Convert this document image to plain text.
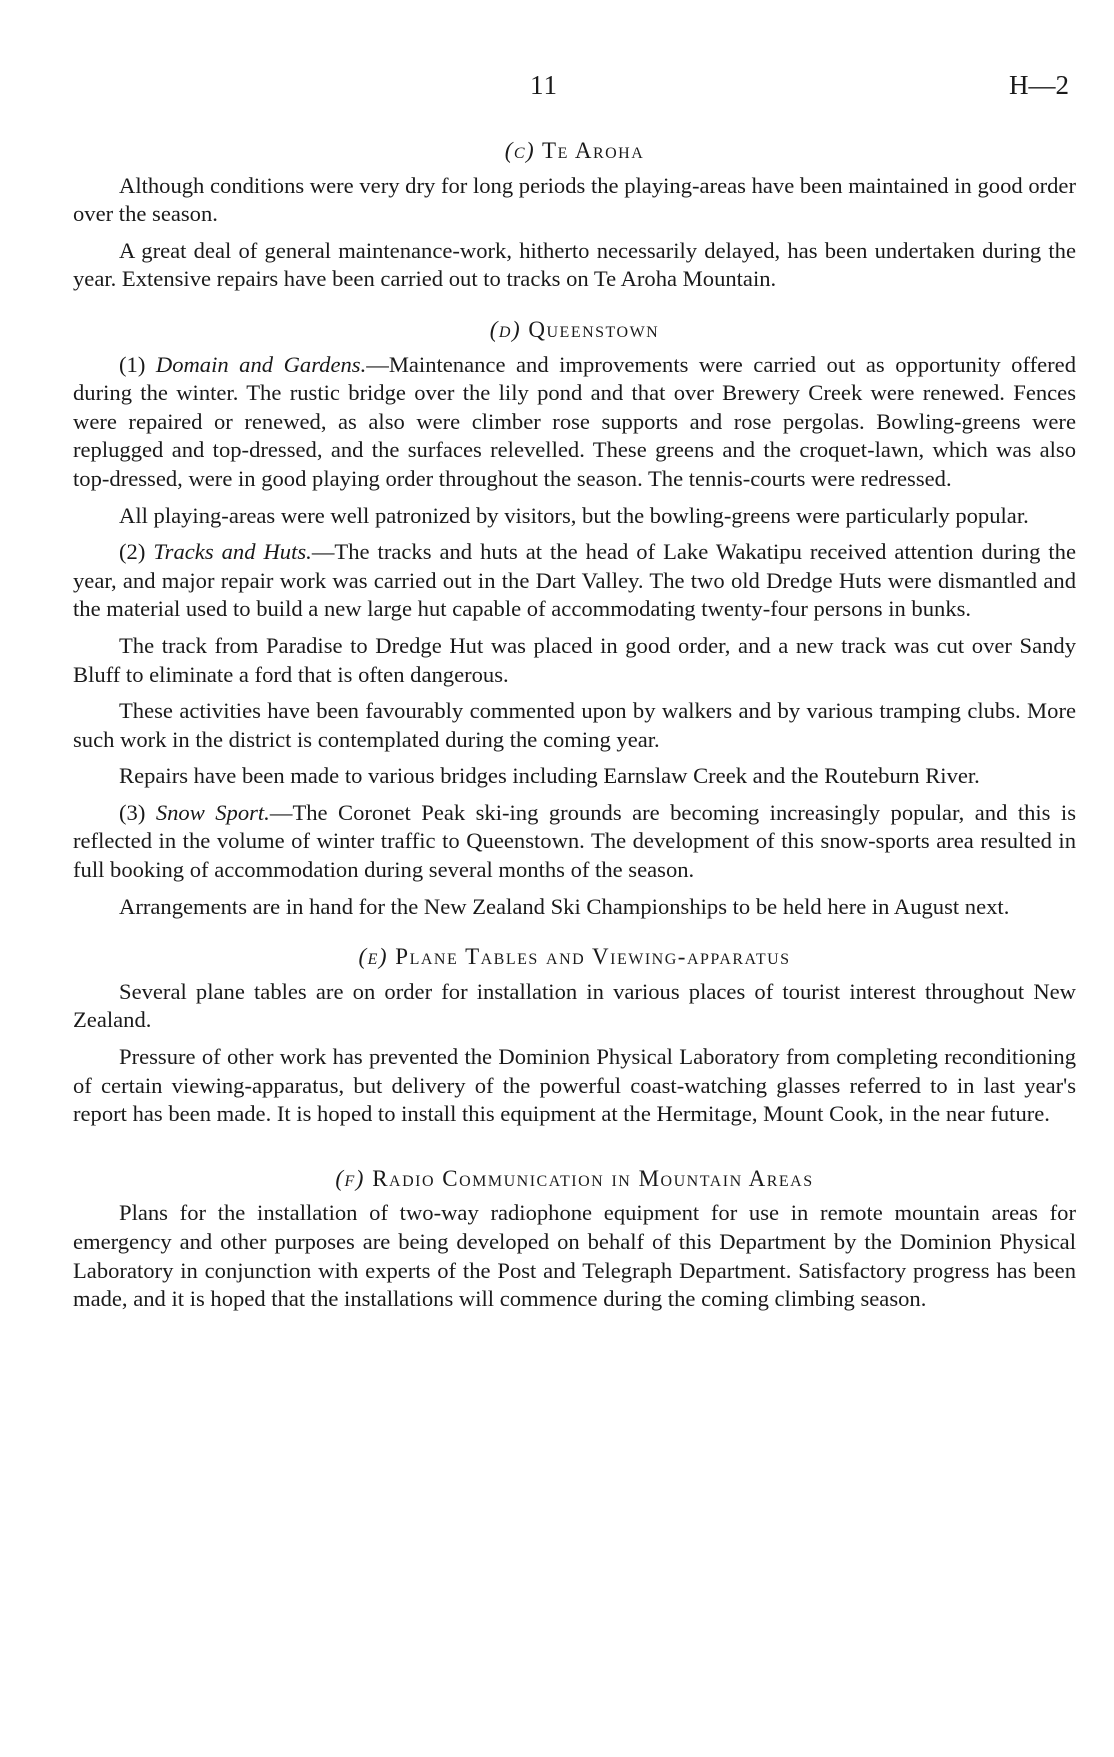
11	H—2
(c) Te Aroha

Although conditions were very dry for long periods the playing-areas have been maintained in good order over the season.

A great deal of general maintenance-work, hitherto necessarily delayed, has been undertaken during the year. Extensive repairs have been carried out to tracks on Te Aroha Mountain.

(d) Queenstown

(1) Domain and Gardens.—Maintenance and improvements were carried out as opportunity offered during the winter. The rustic bridge over the lily pond and that over Brewery Creek were renewed. Fences were repaired or renewed, as also were climber rose supports and rose pergolas. Bowling-greens were replugged and top-dressed, and the surfaces relevelled. These greens and the croquet-lawn, which was also top-dressed, were in good playing order throughout the season. The tennis-courts were redressed.

All playing-areas were well patronized by visitors, but the bowling-greens were particularly popular.

(2) Tracks and Huts.—The tracks and huts at the head of Lake Wakatipu received attention during the year, and major repair work was carried out in the Dart Valley. The two old Dredge Huts were dismantled and the material used to build a new large hut capable of accommodating twenty-four persons in bunks.

The track from Paradise to Dredge Hut was placed in good order, and a new track was cut over Sandy Bluff to eliminate a ford that is often dangerous.

These activities have been favourably commented upon by walkers and by various tramping clubs. More such work in the district is contemplated during the coming year.

Repairs have been made to various bridges including Earnslaw Creek and the Routeburn River.

(3) Snow Sport.—The Coronet Peak ski-ing grounds are becoming increasingly popular, and this is reflected in the volume of winter traffic to Queenstown. The development of this snow-sports area resulted in full booking of accommodation during several months of the season.

Arrangements are in hand for the New Zealand Ski Championships to be held here in August next.

(e) Plane Tables and Viewing-apparatus

Several plane tables are on order for installation in various places of tourist interest throughout New Zealand.

Pressure of other work has prevented the Dominion Physical Laboratory from completing reconditioning of certain viewing-apparatus, but delivery of the powerful coast-watching glasses referred to in last year's report has been made. It is hoped to install this equipment at the Hermitage, Mount Cook, in the near future.

(f) Radio Communication in Mountain Areas

Plans for the installation of two-way radiophone equipment for use in remote mountain areas for emergency and other purposes are being developed on behalf of this Department by the Dominion Physical Laboratory in conjunction with experts of the Post and Telegraph Department. Satisfactory progress has been made, and it is hoped that the installations will commence during the coming climbing season.
